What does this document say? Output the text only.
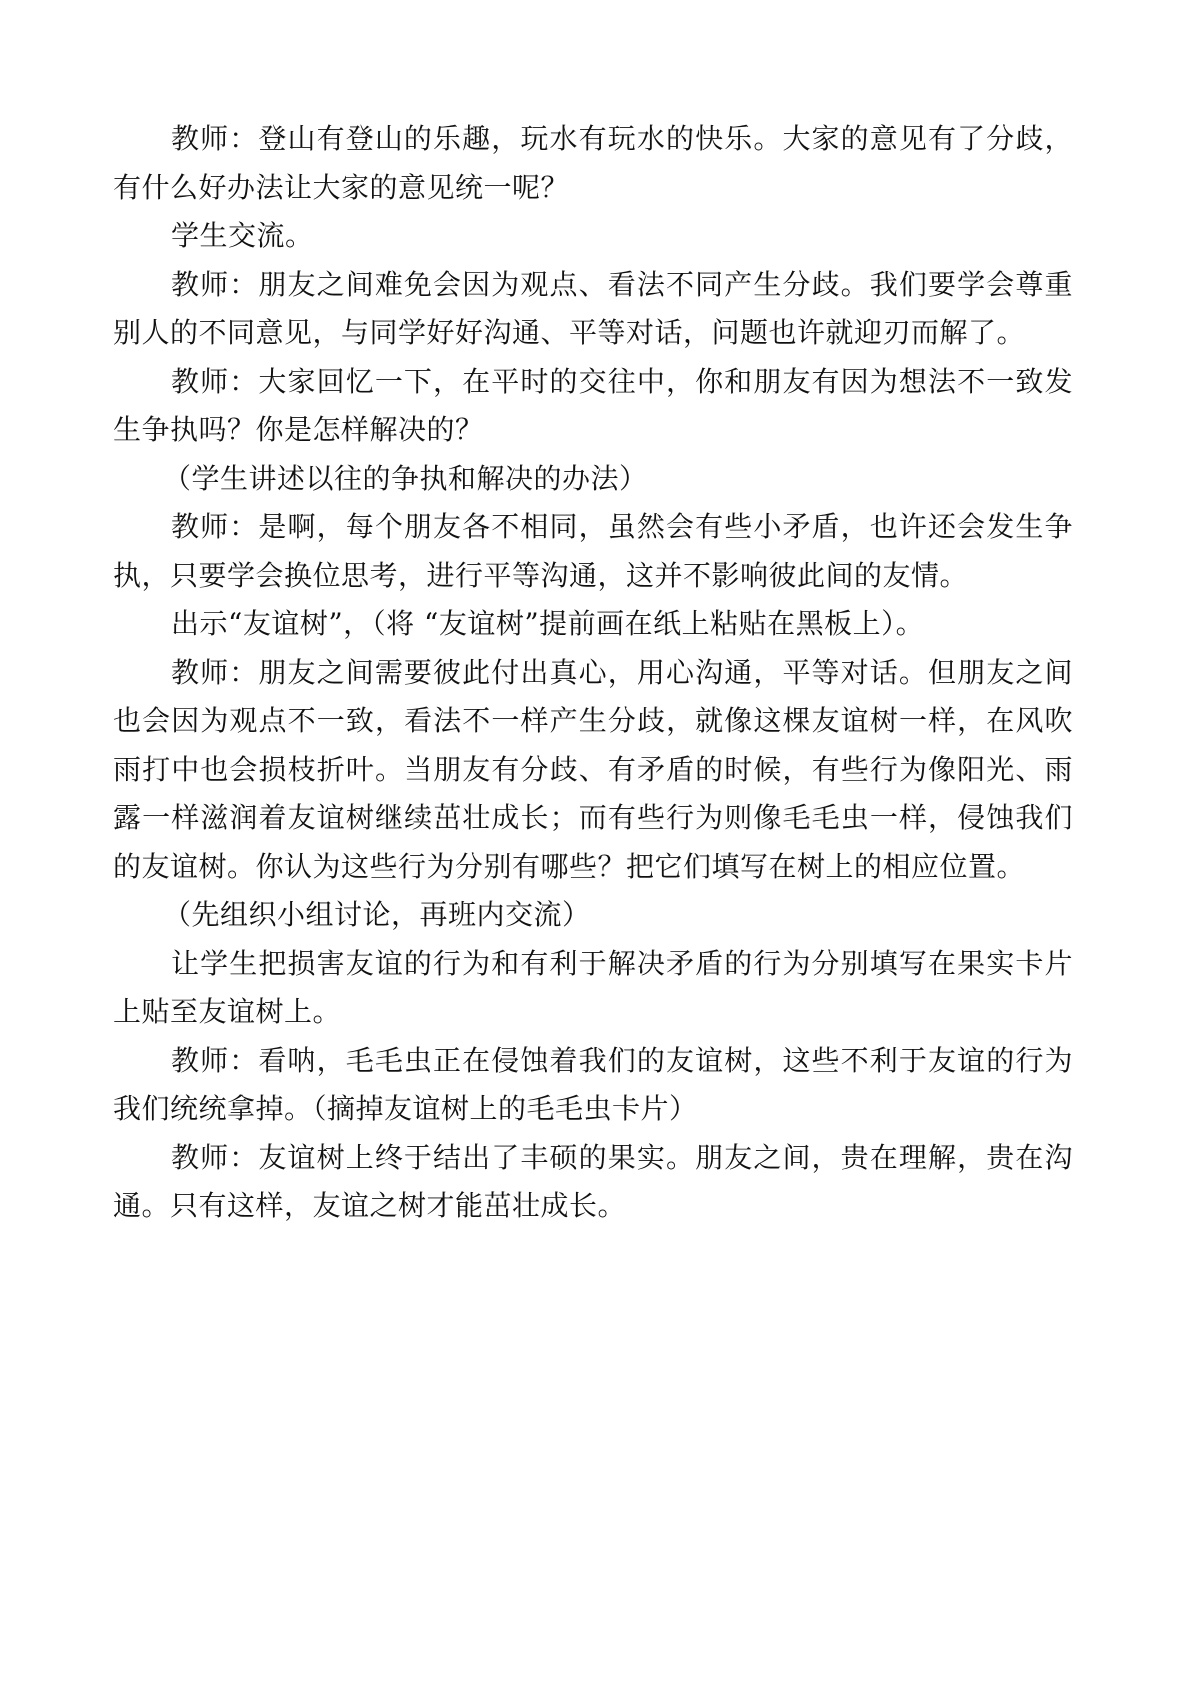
教师：登山有登山的乐趣，玩水有玩水的快乐。大家的意见有了分歧，有什么好办法让大家的意见统一呢？

学生交流。

教师：朋友之间难免会因为观点、看法不同产生分歧。我们要学会尊重别人的不同意见，与同学好好沟通、平等对话，问题也许就迎刃而解了。

教师：大家回忆一下，在平时的交往中，你和朋友有因为想法不一致发生争执吗？你是怎样解决的？

（学生讲述以往的争执和解决的办法）

教师：是啊，每个朋友各不相同，虽然会有些小矛盾，也许还会发生争执，只要学会换位思考，进行平等沟通，这并不影响彼此间的友情。

出示“友谊树”，（将 “友谊树”提前画在纸上粘贴在黑板上）。

教师：朋友之间需要彼此付出真心，用心沟通，平等对话。但朋友之间也会因为观点不一致，看法不一样产生分歧，就像这棵友谊树一样，在风吹雨打中也会损枝折叶。当朋友有分歧、有矛盾的时候，有些行为像阳光、雨露一样滋润着友谊树继续茁壮成长；而有些行为则像毛毛虫一样，侵蚀我们的友谊树。你认为这些行为分别有哪些？把它们填写在树上的相应位置。

（先组织小组讨论，再班内交流）

让学生把损害友谊的行为和有利于解决矛盾的行为分别填写在果实卡片上贴至友谊树上。

教师：看呐，毛毛虫正在侵蚀着我们的友谊树，这些不利于友谊的行为我们统统拿掉。（摘掉友谊树上的毛毛虫卡片）

教师：友谊树上终于结出了丰硕的果实。朋友之间，贵在理解，贵在沟通。只有这样，友谊之树才能茁壮成长。
